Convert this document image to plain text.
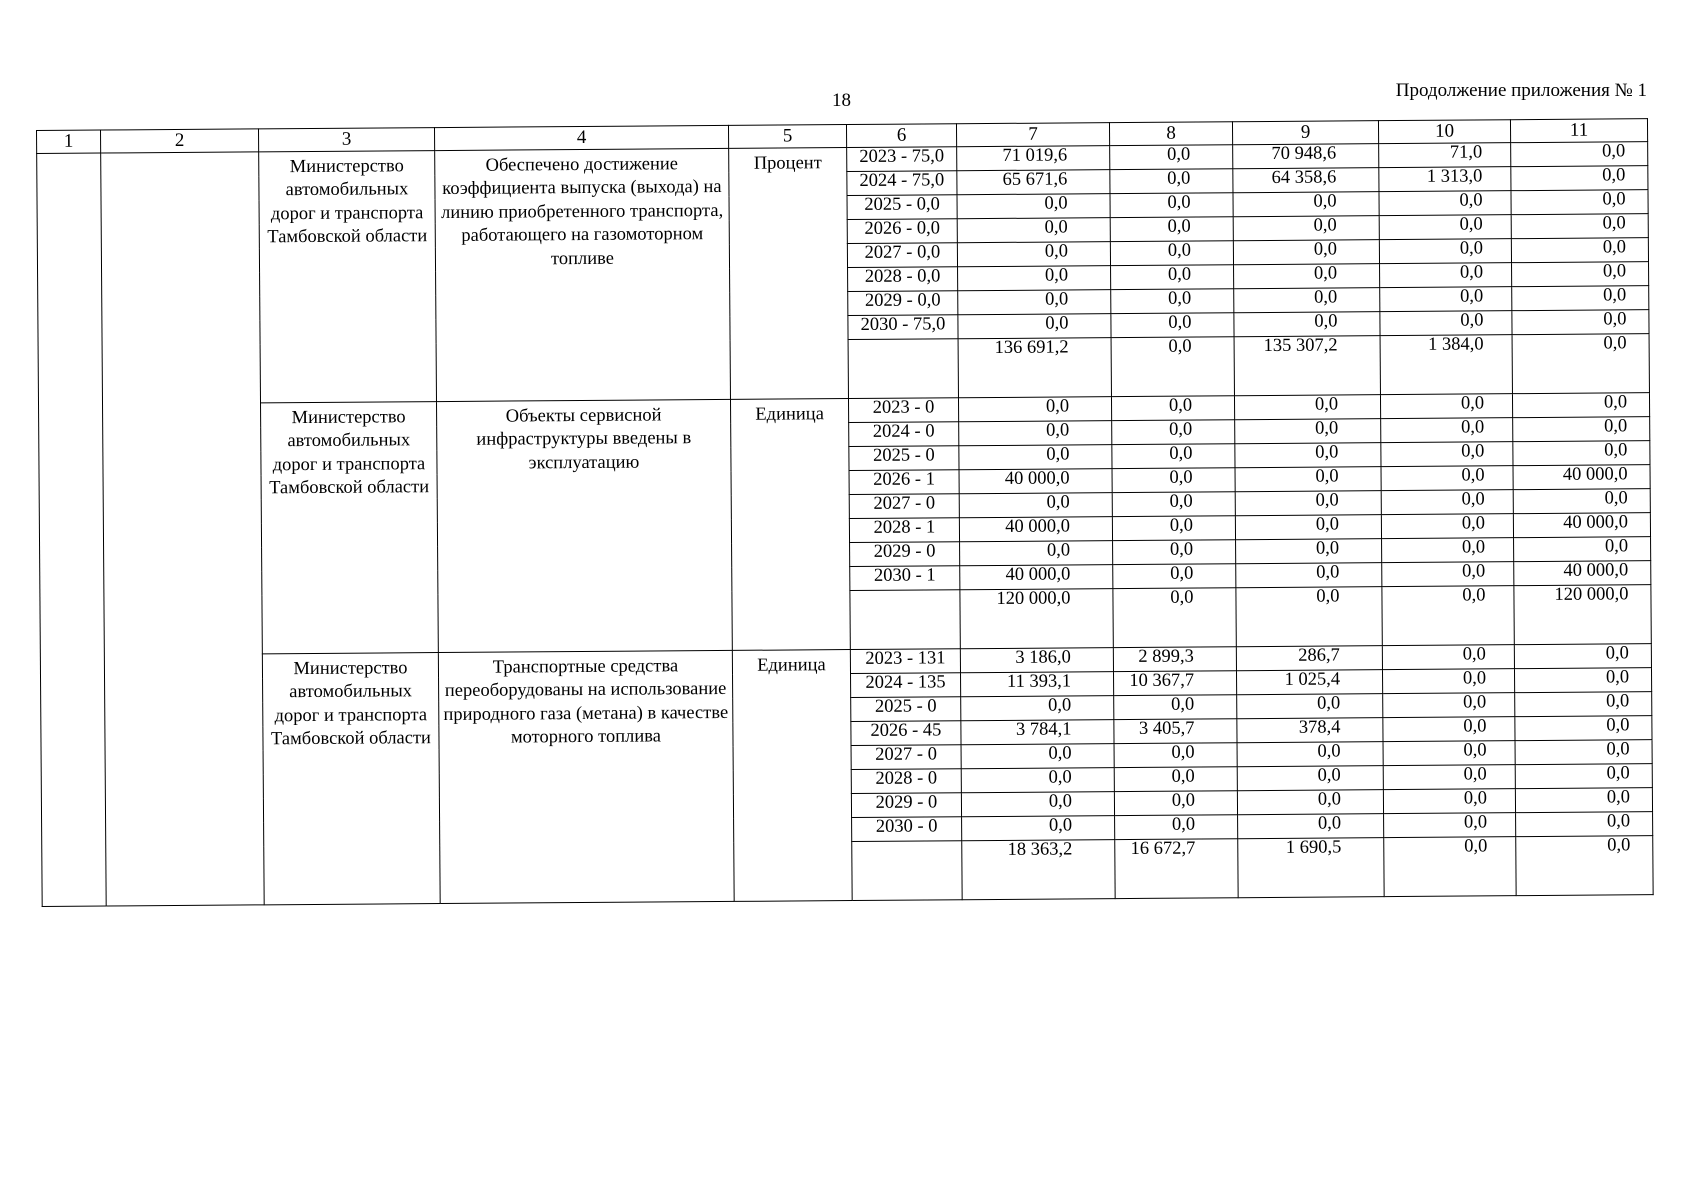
18	Продолжение приложения № 1
1	2	3	4	5	6	7	8	9	10	11
		Министерство автомобильных дорог и транспорта Тамбовской области	Обеспечено достижение коэффициента выпуска (выхода) на линию приобретенного транспорта, работающего на газомоторном топливе	Процент	2023 - 75,0	71 019,6	0,0	70 948,6	71,0	0,0
					2024 - 75,0	65 671,6	0,0	64 358,6	1 313,0	0,0
					2025 - 0,0	0,0	0,0	0,0	0,0	0,0
					2026 - 0,0	0,0	0,0	0,0	0,0	0,0
					2027 - 0,0	0,0	0,0	0,0	0,0	0,0
					2028 - 0,0	0,0	0,0	0,0	0,0	0,0
					2029 - 0,0	0,0	0,0	0,0	0,0	0,0
					2030 - 75,0	0,0	0,0	0,0	0,0	0,0
						136 691,2	0,0	135 307,2	1 384,0	0,0
		Министерство автомобильных дорог и транспорта Тамбовской области	Объекты сервисной инфраструктуры введены в эксплуатацию	Единица	2023 - 0	0,0	0,0	0,0	0,0	0,0
					2024 - 0	0,0	0,0	0,0	0,0	0,0
					2025 - 0	0,0	0,0	0,0	0,0	0,0
					2026 - 1	40 000,0	0,0	0,0	0,0	40 000,0
					2027 - 0	0,0	0,0	0,0	0,0	0,0
					2028 - 1	40 000,0	0,0	0,0	0,0	40 000,0
					2029 - 0	0,0	0,0	0,0	0,0	0,0
					2030 - 1	40 000,0	0,0	0,0	0,0	40 000,0
						120 000,0	0,0	0,0	0,0	120 000,0
		Министерство автомобильных дорог и транспорта Тамбовской области	Транспортные средства переоборудованы на использование природного газа (метана) в качестве моторного топлива	Единица	2023 - 131	3 186,0	2 899,3	286,7	0,0	0,0
					2024 - 135	11 393,1	10 367,7	1 025,4	0,0	0,0
					2025 - 0	0,0	0,0	0,0	0,0	0,0
					2026 - 45	3 784,1	3 405,7	378,4	0,0	0,0
					2027 - 0	0,0	0,0	0,0	0,0	0,0
					2028 - 0	0,0	0,0	0,0	0,0	0,0
					2029 - 0	0,0	0,0	0,0	0,0	0,0
					2030 - 0	0,0	0,0	0,0	0,0	0,0
						18 363,2	16 672,7	1 690,5	0,0	0,0
